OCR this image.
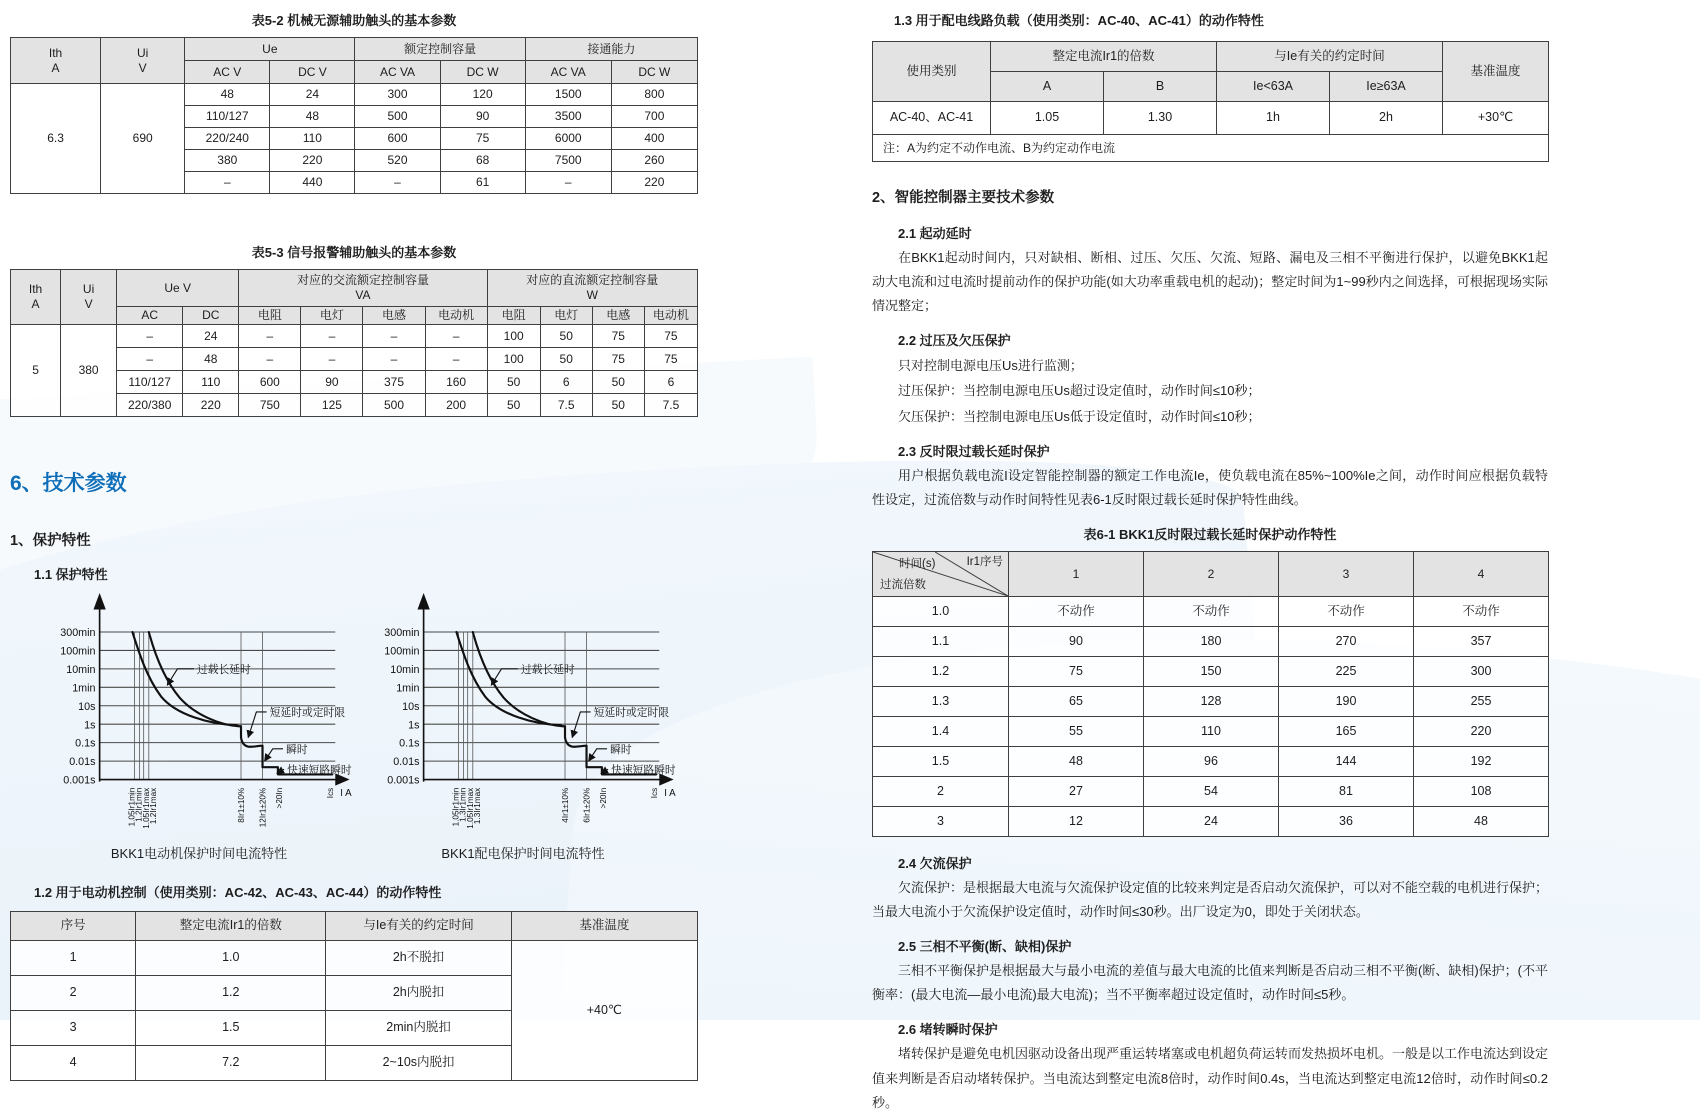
表5-2 机械无源辅助触头的基本参数
Ith
A

Ui
V
	Ue	额定控制容量	接通能力
		AC V	DC V	AC VA	DC W	AC VA	DC W
6.3	690	48	24	300	120	1500	800
		110/127	48	500	90	3500	700
		220/240	110	600	75	6000	400
		380	220	520	68	7500	260
		–	440	–	61	–	220
表5-3 信号报警辅助触头的基本参数
Ith
A

Ui
V
	Ue V	
对应的交流额定控制容量
VA

对应的直流额定控制容量
W

		AC	DC	电阻	电灯	电感	电动机	电阻	电灯	电感	电动机
5	380	–	24	–	–	–	–	100	50	75	75
		–	48	–	–	–	–	100	50	75	75
		110/127	110	600	90	375	160	50	6	50	6
		220/380	220	750	125	500	200	50	7.5	50	7.5
6、技术参数
1、保护特性
1.1 保护特性
300min
100min
10min
1min
10s
1s
0.1s
0.01s
0.001s
过载长延时
短延时或定时限
瞬时
快速短路瞬时
1.05Ir1min
1.2Ir1min
1.05Ir1max
1.2Ir1max	8Ir1±10% 12Ir1±20% >20In	Ics I A
BKK1电动机保护时间电流特性
300min
100min
10min
1min
10s
1s
0.1s
0.01s
0.001s
过载长延时
短延时或定时限
瞬时
快速短路瞬时
1.05Ir1min
1.3Ir1min
1.05Ir1max
1.3Ir1max	4Ir1±10% 6Ir1±20% >20In	Ics I A
BKK1配电保护时间电流特性
1.2 用于电动机控制（使用类别：AC-42、AC-43、AC-44）的动作特性
序号	整定电流Ir1的倍数	与Ie有关的约定时间	基准温度
1	1.0	2h不脱扣	+40℃
2	1.2	2h内脱扣	
3	1.5	2min内脱扣	
4	7.2	2~10s内脱扣	
1.3 用于配电线路负载（使用类别：AC-40、AC-41）的动作特性
使用类别	整定电流Ir1的倍数		与Ie有关的约定时间		基准温度
	A	B	Ie<63A	Ie≥63A	
AC-40、AC-41	1.05	1.30	1h	2h	+30℃
注：A为约定不动作电流、B为约定动作电流					
2、智能控制器主要技术参数
2.1 起动延时

在BKK1起动时间内，只对缺相、断相、过压、欠压、欠流、短路、漏电及三相不平衡进行保护，以避免BKK1起动大电流和过电流时提前动作的保护功能(如大功率重载电机的起动)；整定时间为1~99秒内之间选择，可根据现场实际情况整定；

2.2 过压及欠压保护
只对控制电源电压Us进行监测；
过压保护：当控制电源电压Us超过设定值时，动作时间≤10秒；
欠压保护：当控制电源电压Us低于设定值时，动作时间≤10秒；
2.3 反时限过载长延时保护

用户根据负载电流I设定智能控制器的额定工作电流Ie，使负载电流在85%~100%Ie之间，动作时间应根据负载特性设定，过流倍数与动作时间特性见表6-1反时限过载长延时保护特性曲线。

表6-1 BKK1反时限过载长延时保护动作特性
时间(s) Ir1序号
过流倍数	1	2	3	4
1.0	不动作	不动作	不动作	不动作
1.1	90	180	270	357
1.2	75	150	225	300
1.3	65	128	190	255
1.4	55	110	165	220
1.5	48	96	144	192
2	27	54	81	108
3	12	24	36	48
2.4 欠流保护

欠流保护：是根据最大电流与欠流保护设定值的比较来判定是否启动欠流保护，可以对不能空载的电机进行保护；当最大电流小于欠流保护设定值时，动作时间≤30秒。出厂设定为0，即处于关闭状态。

2.5 三相不平衡(断、缺相)保护

三相不平衡保护是根据最大与最小电流的差值与最大电流的比值来判断是否启动三相不平衡(断、缺相)保护；(不平衡率：(最大电流—最小电流)最大电流)；当不平衡率超过设定值时，动作时间≤5秒。

2.6 堵转瞬时保护

堵转保护是避免电机因驱动设备出现严重运转堵塞或电机超负荷运转而发热损坏电机。一般是以工作电流达到设定值来判断是否启动堵转保护。当电流达到整定电流8倍时，动作时间0.4s，当电流达到整定电流12倍时，动作时间≤0.2秒。
